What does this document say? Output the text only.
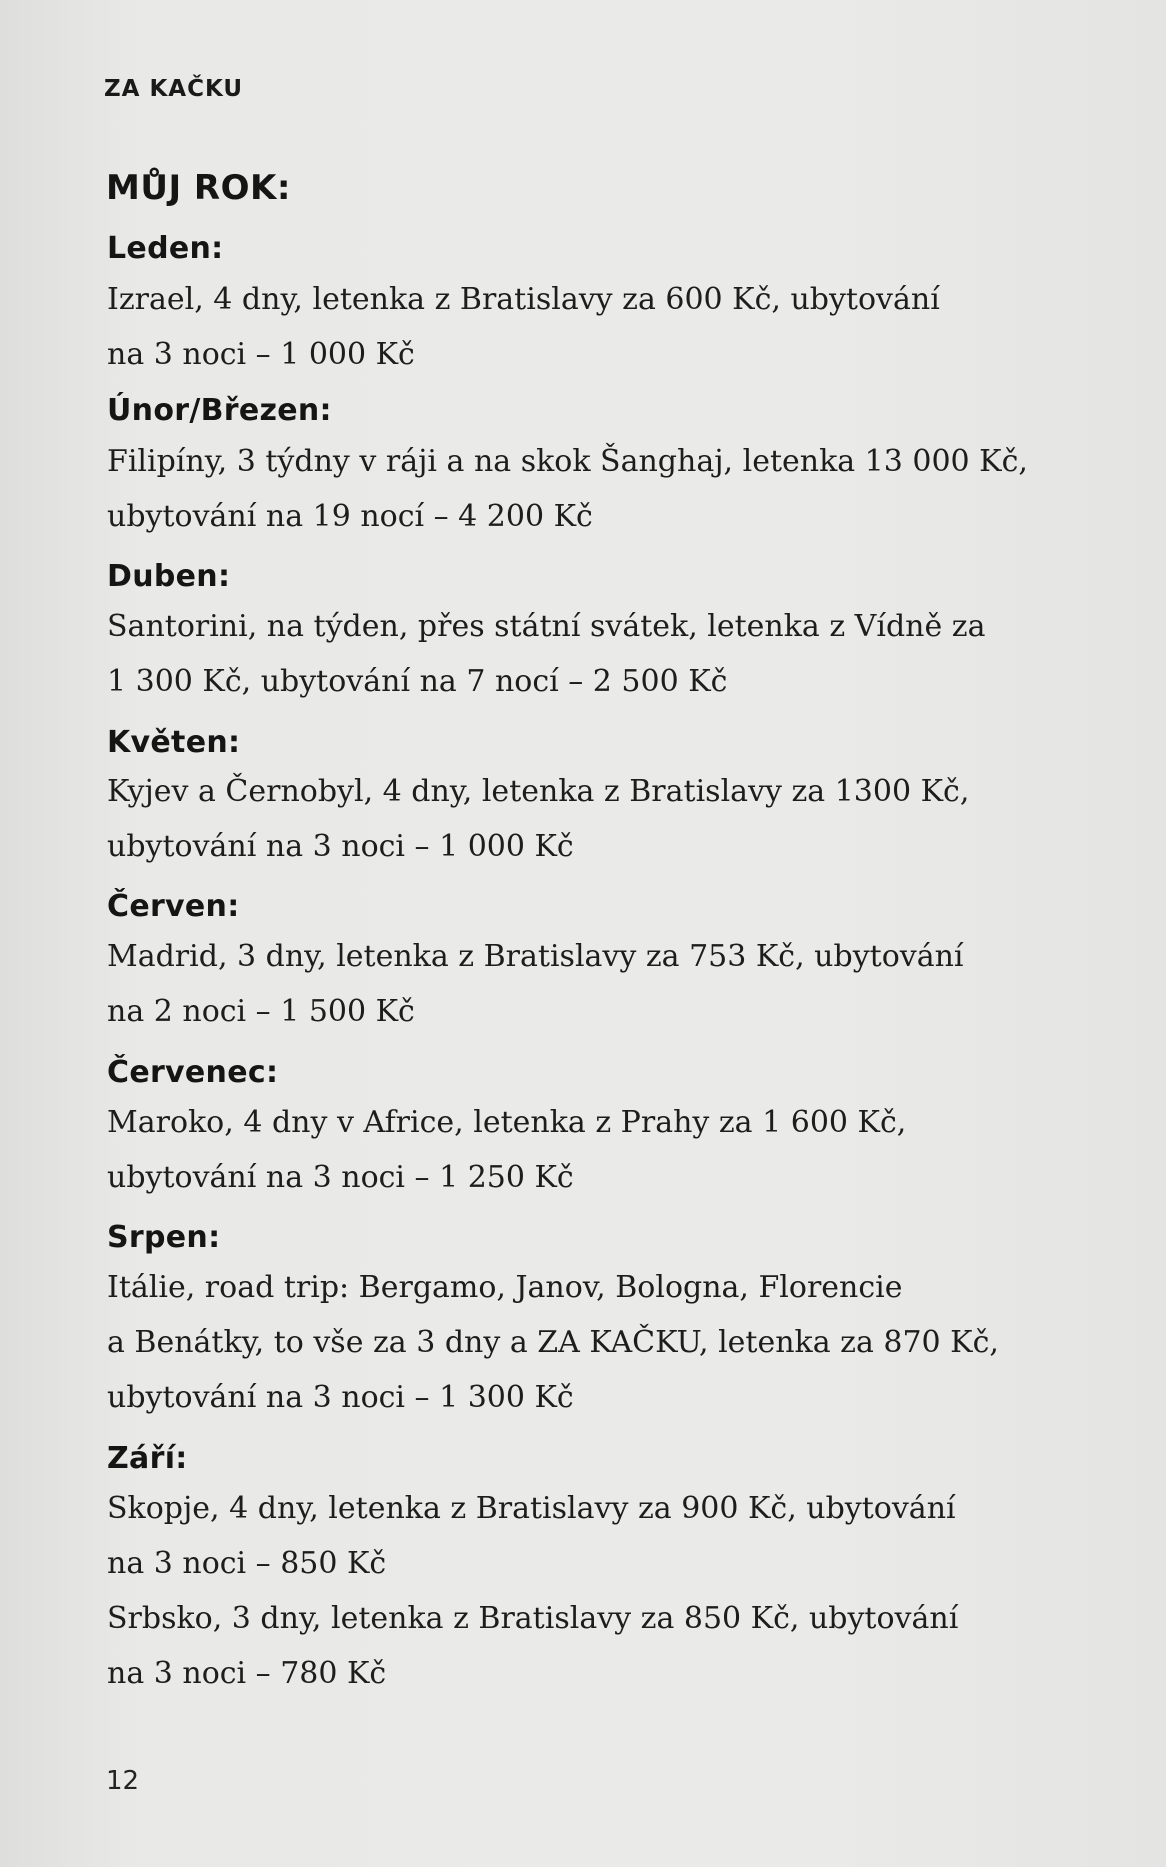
ZA KAČKU
MŮJ ROK:
Leden:
Izrael, 4 dny, letenka z Bratislavy za 600 Kč, ubytování
na 3 noci – 1 000 Kč
Únor/Březen:
Filipíny, 3 týdny v ráji a na skok Šanghaj, letenka 13 000 Kč,
ubytování na 19 nocí – 4 200 Kč
Duben:
Santorini, na týden, přes státní svátek, letenka z Vídně za
1 300 Kč, ubytování na 7 nocí – 2 500 Kč
Květen:
Kyjev a Černobyl, 4 dny, letenka z Bratislavy za 1300 Kč,
ubytování na 3 noci – 1 000 Kč
Červen:
Madrid, 3 dny, letenka z Bratislavy za 753 Kč, ubytování
na 2 noci – 1 500 Kč
Červenec:
Maroko, 4 dny v Africe, letenka z Prahy za 1 600 Kč,
ubytování na 3 noci – 1 250 Kč
Srpen:
Itálie, road trip: Bergamo, Janov, Bologna, Florencie
a Benátky, to vše za 3 dny a ZA KAČKU, letenka za 870 Kč,
ubytování na 3 noci – 1 300 Kč
Září:
Skopje, 4 dny, letenka z Bratislavy za 900 Kč, ubytování
na 3 noci – 850 Kč
Srbsko, 3 dny, letenka z Bratislavy za 850 Kč, ubytování
na 3 noci – 780 Kč
12
